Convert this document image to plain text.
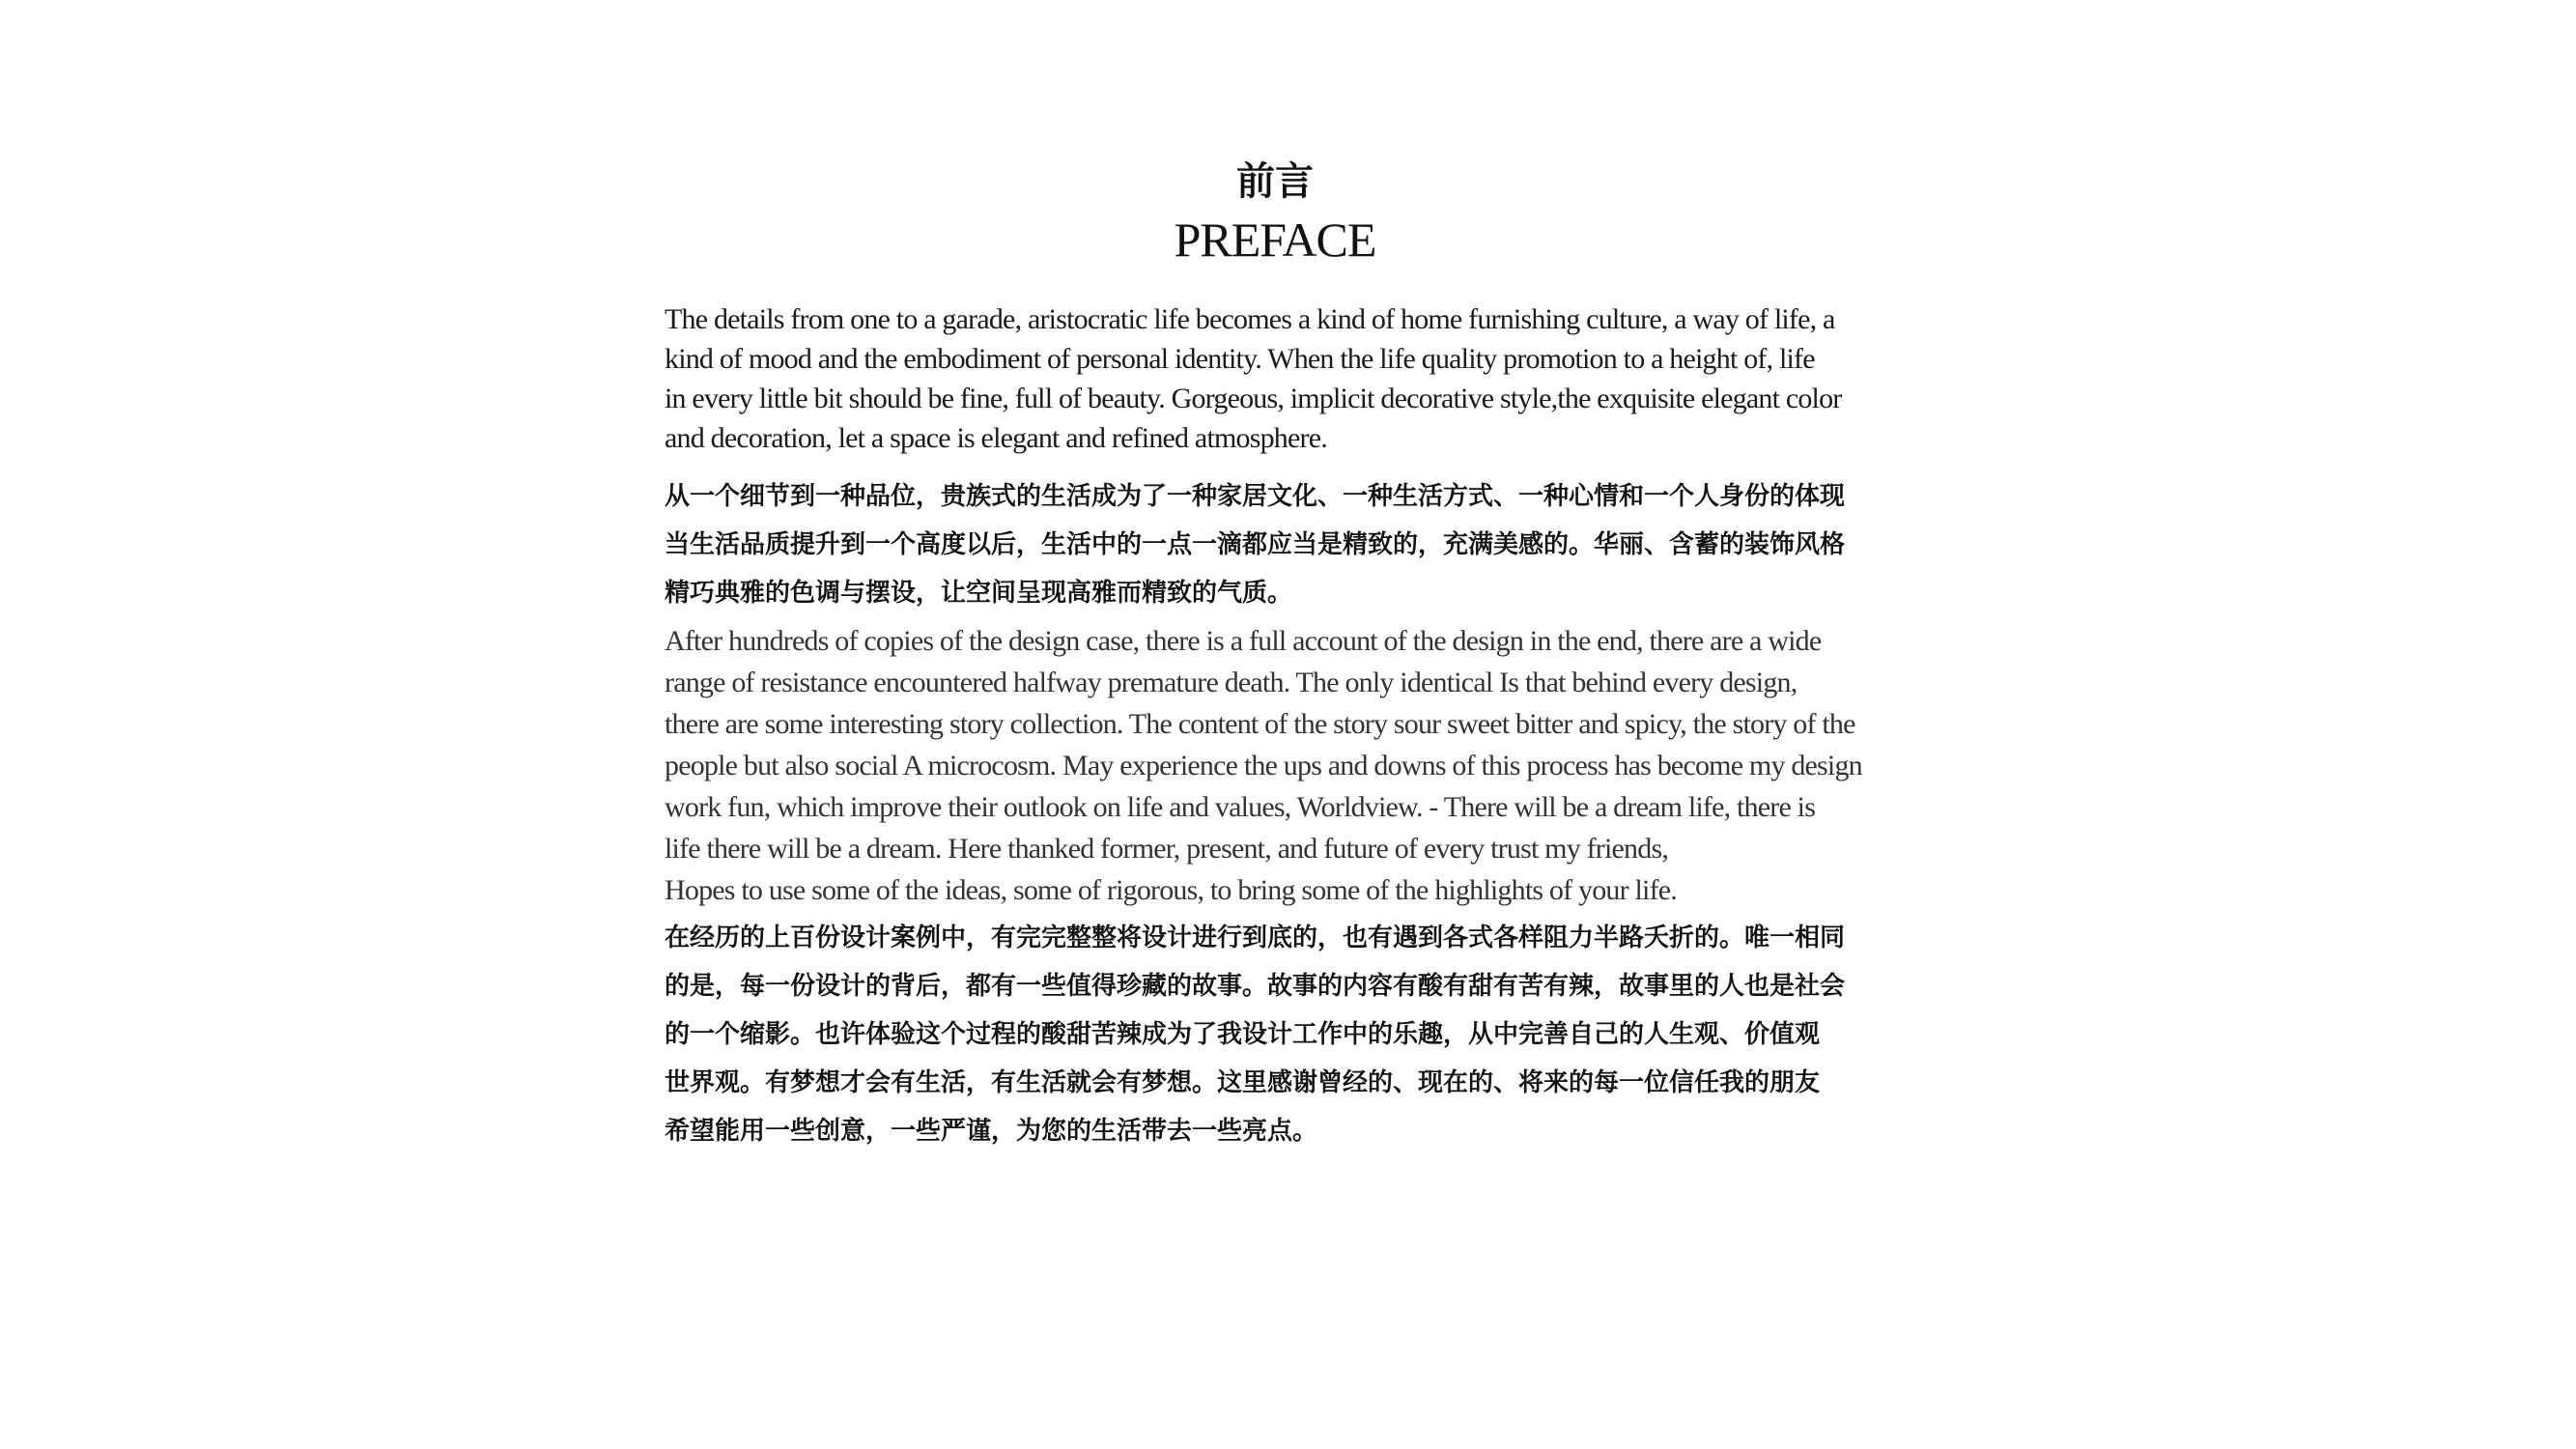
前言
PREFACE

The details from one to a garade, aristocratic life becomes a kind of home furnishing culture, a way of life, a
kind of mood and the embodiment of personal identity. When the life quality promotion to a height of, life
in every little bit should be fine, full of beauty. Gorgeous, implicit decorative style,the exquisite elegant color
and decoration, let a space is elegant and refined atmosphere.

从一个细节到一种品位，贵族式的生活成为了一种家居文化、一种生活方式、一种心情和一个人身份的体现
当生活品质提升到一个高度以后，生活中的一点一滴都应当是精致的，充满美感的。华丽、含蓄的装饰风格
精巧典雅的色调与摆设，让空间呈现高雅而精致的气质。

After hundreds of copies of the design case, there is a full account of the design in the end, there are a wide
range of resistance encountered halfway premature death. The only identical Is that behind every design,
there are some interesting story collection. The content of the story sour sweet bitter and spicy, the story of the
people but also social A microcosm. May experience the ups and downs of this process has become my design
work fun, which improve their outlook on life and values, Worldview. - There will be a dream life, there is
life there will be a dream. Here thanked former, present, and future of every trust my friends,
Hopes to use some of the ideas, some of rigorous, to bring some of the highlights of your life.

在经历的上百份设计案例中，有完完整整将设计进行到底的，也有遇到各式各样阻力半路夭折的。唯一相同
的是，每一份设计的背后，都有一些值得珍藏的故事。故事的内容有酸有甜有苦有辣，故事里的人也是社会
的一个缩影。也许体验这个过程的酸甜苦辣成为了我设计工作中的乐趣，从中完善自己的人生观、价值观
世界观。有梦想才会有生活，有生活就会有梦想。这里感谢曾经的、现在的、将来的每一位信任我的朋友
希望能用一些创意，一些严谨，为您的生活带去一些亮点。
